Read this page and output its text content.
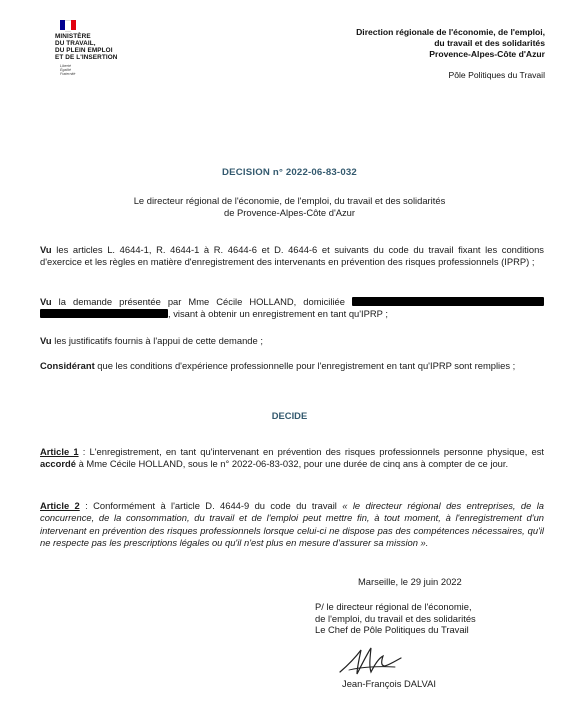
MINISTÈRE
DU TRAVAIL,
DU PLEIN EMPLOI
ET DE L'INSERTION
Liberté
Égalité
Fraternité
Direction régionale de l'économie, de l'emploi,
du travail et des solidarités
Provence-Alpes-Côte d'Azur
Pôle Politiques du Travail
DECISION n° 2022-06-83-032
Le directeur régional de l'économie, de l'emploi, du travail et des solidarités
de Provence-Alpes-Côte d'Azur
Vu les articles L. 4644-1, R. 4644-1 à R. 4644-6 et D. 4644-6 et suivants du code du travail fixant les conditions d'exercice et les règles en matière d'enregistrement des intervenants en prévention des risques professionnels (IPRP) ;
Vu la demande présentée par Mme Cécile HOLLAND, domiciliée  , visant à obtenir un enregistrement en tant qu'IPRP ;
Vu les justificatifs fournis à l'appui de cette demande ;
Considérant que les conditions d'expérience professionnelle pour l'enregistrement en tant qu'IPRP sont remplies ;
DECIDE
Article 1 : L'enregistrement, en tant qu'intervenant en prévention des risques professionnels personne physique, est accordé à Mme Cécile HOLLAND, sous le n° 2022-06-83-032, pour une durée de cinq ans à compter de ce jour.
Article 2 : Conformément à l'article D. 4644-9 du code du travail « le directeur régional des entreprises, de la concurrence, de la consommation, du travail et de l'emploi peut mettre fin, à tout moment, à l'enregistrement d'un intervenant en prévention des risques professionnels lorsque celui-ci ne dispose pas des compétences nécessaires, qu'il ne respecte pas les prescriptions légales ou qu'il n'est plus en mesure d'assurer sa mission ».
Marseille, le 29 juin 2022
P/ le directeur régional de l'économie,
de l'emploi, du travail et des solidarités
Le Chef de Pôle Politiques du Travail
Jean-François DALVAI
